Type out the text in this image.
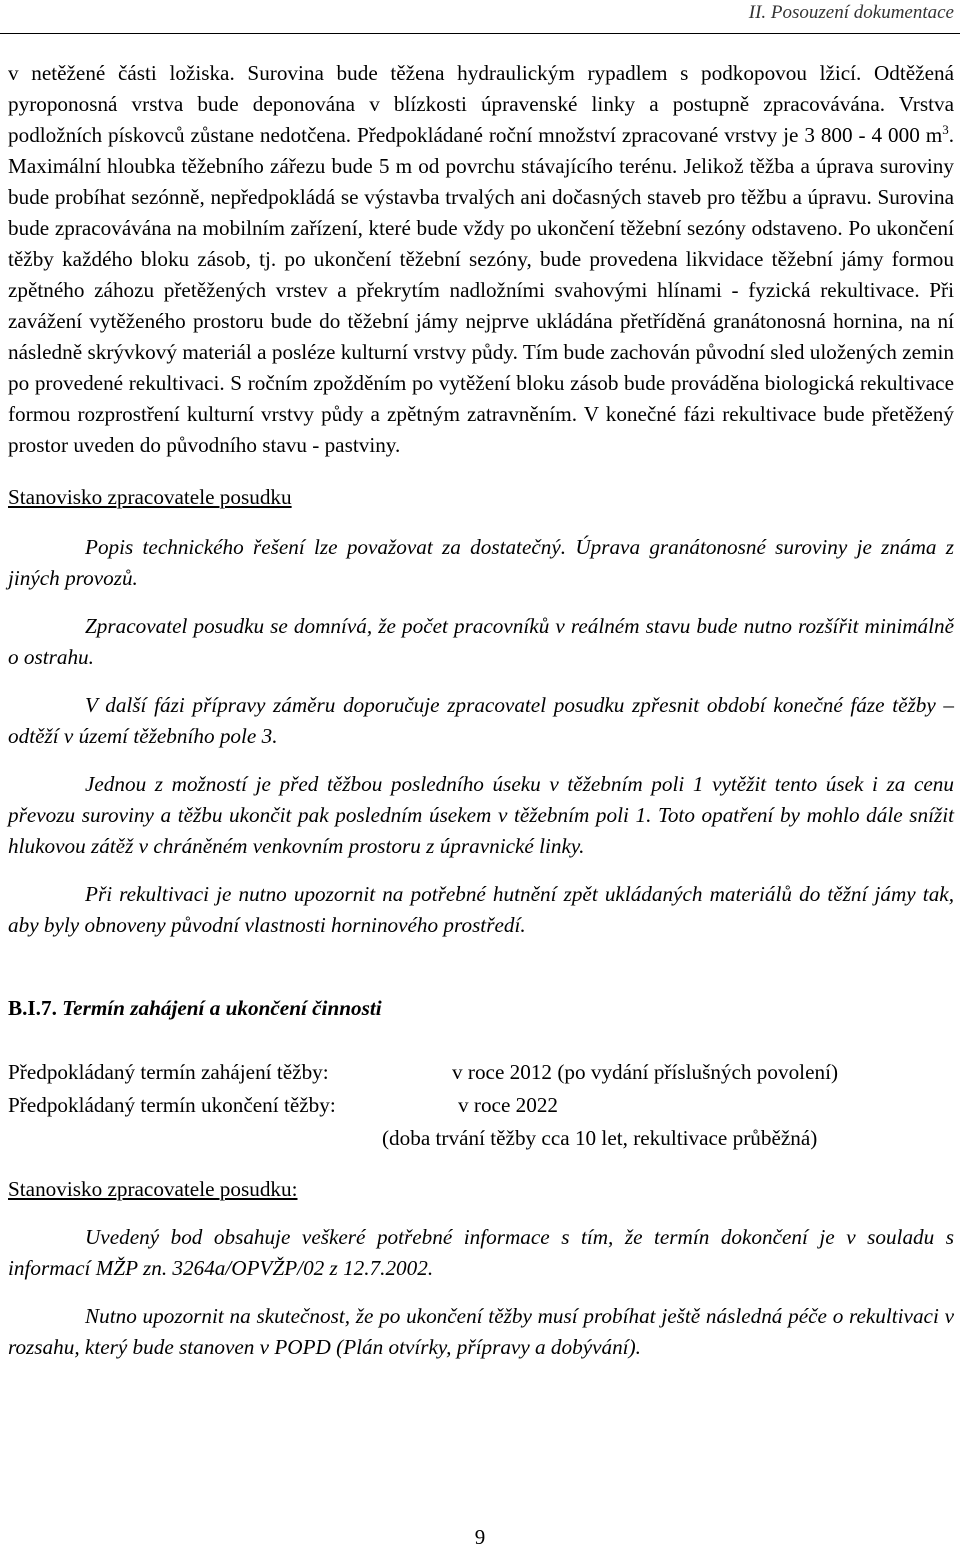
II. Posouzení dokumentace

v netěžené části ložiska. Surovina bude těžena hydraulickým rypadlem s podkopovou lžicí. Odtěžená pyroponosná vrstva bude deponována v blízkosti úpravenské linky a postupně zpracovávána. Vrstva podložních pískovců zůstane nedotčena. Předpokládané roční množství zpracované vrstvy je 3 800 - 4 000 $m^3$. Maximální hloubka těžebního zářezu bude 5 m od povrchu stávajícího terénu. Jelikož těžba a úprava suroviny bude probíhat sezónně, nepředpokládá se výstavba trvalých ani dočasných staveb pro těžbu a úpravu. Surovina bude zpracovávána na mobilním zařízení, které bude vždy po ukončení těžební sezóny odstaveno. Po ukončení těžby každého bloku zásob, tj. po ukončení těžební sezóny, bude provedena likvidace těžební jámy formou zpětného záhozu přetěžených vrstev a překrytím nadložními svahovými hlínami - fyzická rekultivace. Při zavážení vytěženého prostoru bude do těžební jámy nejprve ukládána přetříděná granátonosná hornina, na ní následně skrývkový materiál a posléze kulturní vrstvy půdy. Tím bude zachován původní sled uložených zemin po provedené rekultivaci. S ročním zpožděním po vytěžení bloku zásob bude prováděna biologická rekultivace formou rozprostření kulturní vrstvy půdy a zpětným zatravněním. V konečné fázi rekultivace bude přetěžený prostor uveden do původního stavu - pastviny.

Stanovisko zpracovatele posudku

Popis technického řešení lze považovat za dostatečný. Úprava granátonosné suroviny je známa z jiných provozů.

Zpracovatel posudku se domnívá, že počet pracovníků v reálném stavu bude nutno rozšířit minimálně o ostrahu.

V další fázi přípravy záměru doporučuje zpracovatel posudku zpřesnit období konečné fáze těžby – odtěží v území těžebního pole 3.

Jednou z možností je před těžbou posledního úseku v těžebním poli 1 vytěžit tento úsek i za cenu převozu suroviny a těžbu ukončit pak posledním úsekem v těžebním poli 1. Toto opatření by mohlo dále snížit hlukovou zátěž v chráněném venkovním prostoru z úpravnické linky.

Při rekultivaci je nutno upozornit na potřebné hutnění zpět ukládaných materiálů do těžní jámy tak, aby byly obnoveny původní vlastnosti horninového prostředí.

B.I.7. Termín zahájení a ukončení činnosti

Předpokládaný termín zahájení těžby:	v roce 2012 (po vydání příslušných povolení)
Předpokládaný termín ukončení těžby:	v roce 2022
(doba trvání těžby cca 10 let, rekultivace průběžná)

Stanovisko zpracovatele posudku:

Uvedený bod obsahuje veškeré potřebné informace s tím, že termín dokončení je v souladu s informací MŽP zn. 3264a/OPVŽP/02 z 12.7.2002.

Nutno upozornit na skutečnost, že po ukončení těžby musí probíhat ještě následná péče o rekultivaci v rozsahu, který bude stanoven v POPD (Plán otvírky, přípravy a dobývání).

9
